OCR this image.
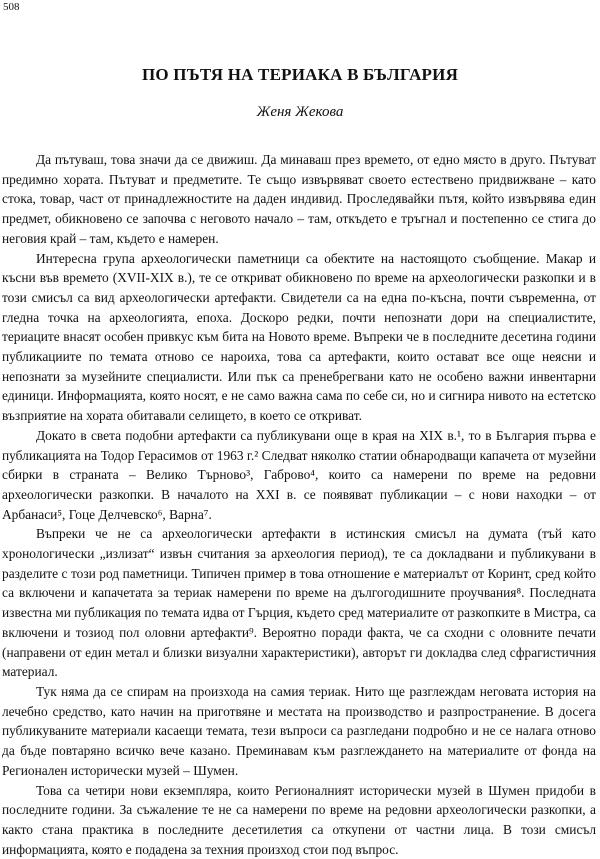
508
ПО ПЪТЯ НА ТЕРИАКА В БЪЛГАРИЯ
Женя Жекова

Да пътуваш, това значи да се движиш. Да минаваш през времето, от едно място в друго. Пътуват предимно хората. Пътуват и предметите. Те също извървяват своето естествено придвижване – като стока, товар, част от принадлежностите на даден индивид. Проследявайки пътя, който извървява един предмет, обикновено се започва с неговото начало – там, откъдето е тръгнал и постепенно се стига до неговия край – там, където е намерен.

Интересна група археологически паметници са обектите на настоящото съобщение. Макар и късни във времето (XVII-XIX в.), те се откриват обикновено по време на археологически разкопки и в този смисъл са вид археологически артефакти. Свидетели са на една по-късна, почти съвременна, от гледна точка на археологията, епоха. Доскоро редки, почти непознати дори на специалистите, териаците внасят особен привкус към бита на Новото време. Въпреки че в последните десетина години публикациите по темата отново се нароиха, това са артефакти, които остават все още неясни и непознати за музейните специалисти. Или пък са пренебрегвани като не особено важни инвентарни единици. Информацията, която носят, е не само важна сама по себе си, но и сигнира нивото на естетско възприятие на хората обитавали селището, в което се откриват.

Докато в света подобни артефакти са публикувани още в края на XIX в.¹, то в България първа е публикацията на Тодор Герасимов от 1963 г.² Следват няколко статии обнародващи капачета от музейни сбирки в страната – Велико Търново³, Габрово⁴, които са намерени по време на редовни археологически разкопки. В началото на XXI в. се появяват публикации – с нови находки – от Арбанаси⁵, Гоце Делчевско⁶, Варна⁷.

Въпреки че не са археологически артефакти в истинския смисъл на думата (тъй като хронологически „излизат“ извън считания за археология период), те са докладвани и публикувани в разделите с този род паметници. Типичен пример в това отношение е материалът от Коринт, сред който са включени и капачетата за териак намерени по време на дългогодишните проучвания⁸. Последната известна ми публикация по темата идва от Гърция, където сред материалите от разкопките в Мистра, са включени и тозиод пол оловни артефакти⁹. Вероятно поради факта, че са сходни с оловните печати (направени от един метал и близки визуални характеристики), авторът ги докладва след сфрагистичния материал.

Тук няма да се спирам на произхода на самия териак. Нито ще разглеждам неговата история на лечебно средство, като начин на приготвяне и местата на производство и разпространение. В досега публикуваните материали касаещи темата, тези въпроси са разгледани подробно и не се налага отново да бъде повтаряно всичко вече казано. Преминавам към разглеждането на материалите от фонда на Регионален исторически музей – Шумен.

Това са четири нови екземпляра, които Регионалният исторически музей в Шумен придоби в последните години. За съжаление те не са намерени по време на редовни археологически разкопки, а както стана практика в последните десетилетия са откупени от частни лица. В този смисъл информацията, която е подадена за техния произход стои под въпрос.
